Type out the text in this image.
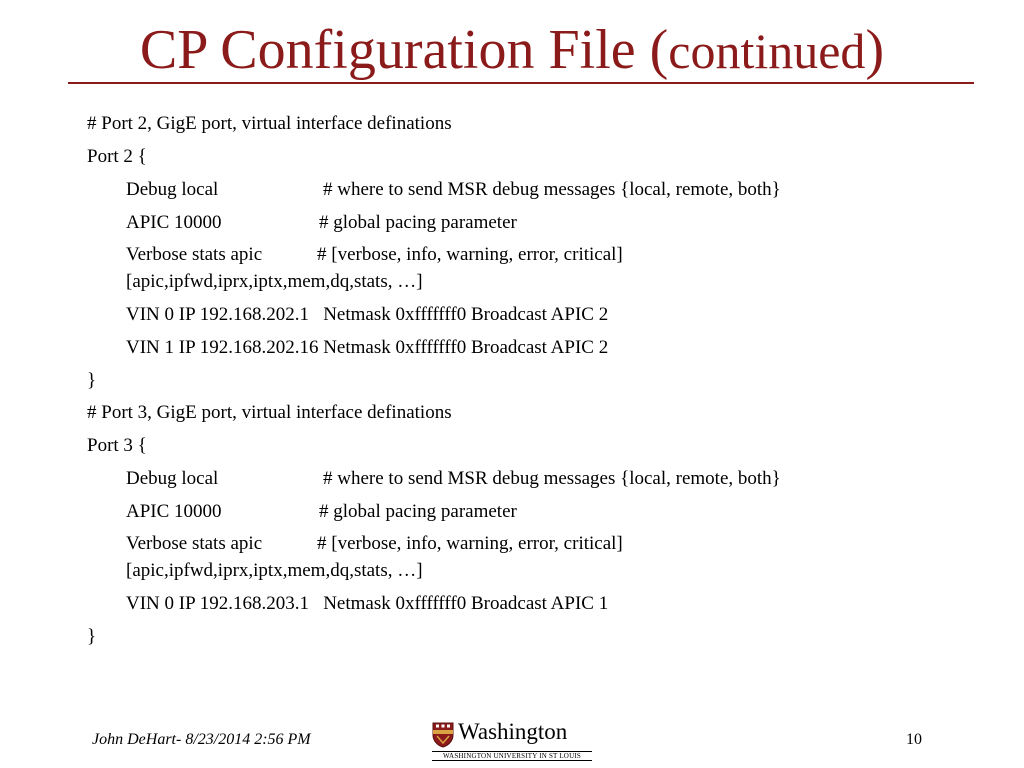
CP Configuration File (continued)
# Port 2, GigE port, virtual interface definations
Port 2 {
Debug local	# where to send MSR debug messages {local, remote, both}
APIC 10000	# global pacing parameter
Verbose stats apic	# [verbose, info, warning, error, critical]
[apic,ipfwd,iprx,iptx,mem,dq,stats, …]
VIN 0 IP 192.168.202.1   Netmask 0xfffffff0 Broadcast APIC 2
VIN 1 IP 192.168.202.16 Netmask 0xfffffff0 Broadcast APIC 2
}
# Port 3, GigE port, virtual interface definations
Port 3 {
Debug local	# where to send MSR debug messages {local, remote, both}
APIC 10000	# global pacing parameter
Verbose stats apic	# [verbose, info, warning, error, critical]
[apic,ipfwd,iprx,iptx,mem,dq,stats, …]
VIN 0 IP 192.168.203.1   Netmask 0xfffffff0 Broadcast APIC 1
}
John DeHart- 8/23/2014 2:56 PM	Washington
WASHINGTON UNIVERSITY IN ST LOUIS
10
